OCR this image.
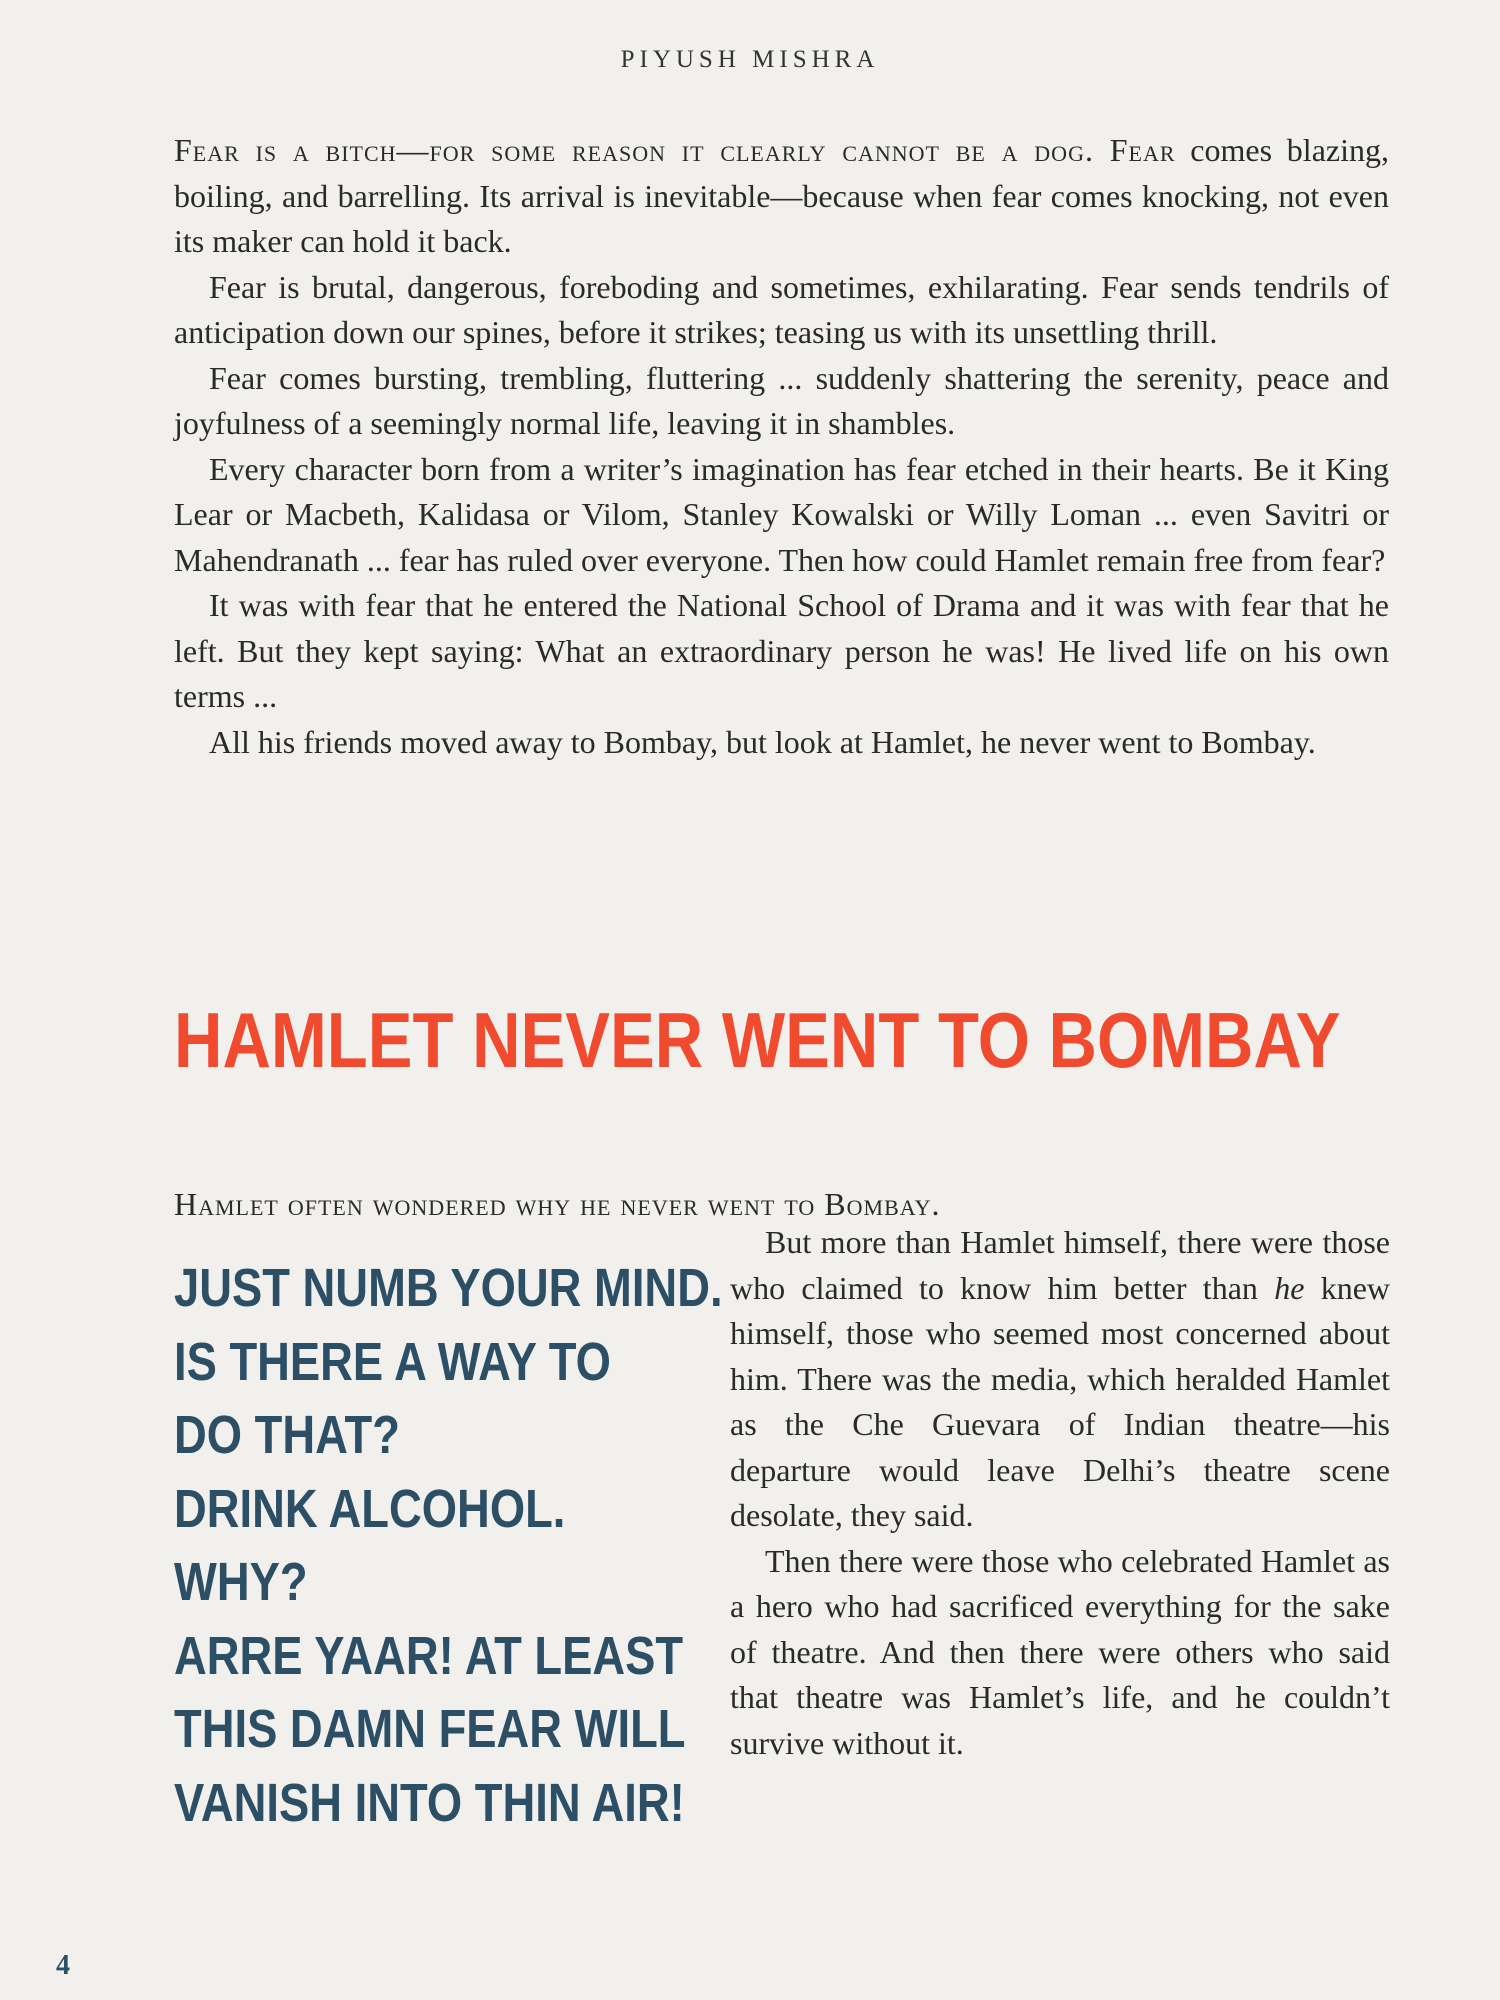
PIYUSH MISHRA

Fear is a bitch—for some reason it clearly cannot be a dog. Fear comes blazing, boiling, and barrelling. Its arrival is inevitable—because when fear comes knocking, not even its maker can hold it back.

Fear is brutal, dangerous, foreboding and sometimes, exhilarating. Fear sends tendrils of anticipation down our spines, before it strikes; teasing us with its unsettling thrill.

Fear comes bursting, trembling, fluttering ... suddenly shattering the serenity, peace and joyfulness of a seemingly normal life, leaving it in shambles.

Every character born from a writer’s imagination has fear etched in their hearts. Be it King Lear or Macbeth, Kalidasa or Vilom, Stanley Kowalski or Willy Loman ... even Savitri or Mahendranath ... fear has ruled over everyone. Then how could Hamlet remain free from fear?

It was with fear that he entered the National School of Drama and it was with fear that he left. But they kept saying: What an extraordinary person he was! He lived life on his own terms ...

All his friends moved away to Bombay, but look at Hamlet, he never went to Bombay.

HAMLET NEVER WENT TO BOMBAY
Hamlet often wondered why he never went to Bombay.
JUST NUMB YOUR MIND.
IS THERE A WAY TO
DO THAT?
DRINK ALCOHOL.
WHY?
ARRE YAAR! AT LEAST
THIS DAMN FEAR WILL
VANISH INTO THIN AIR!

But more than Hamlet himself, there were those who claimed to know him better than he knew himself, those who seemed most concerned about him. There was the media, which heralded Hamlet as the Che Guevara of Indian theatre—his departure would leave Delhi’s theatre scene desolate, they said.

Then there were those who celebrated Hamlet as a hero who had sacrificed everything for the sake of theatre. And then there were others who said that theatre was Hamlet’s life, and he couldn’t survive without it.

4
